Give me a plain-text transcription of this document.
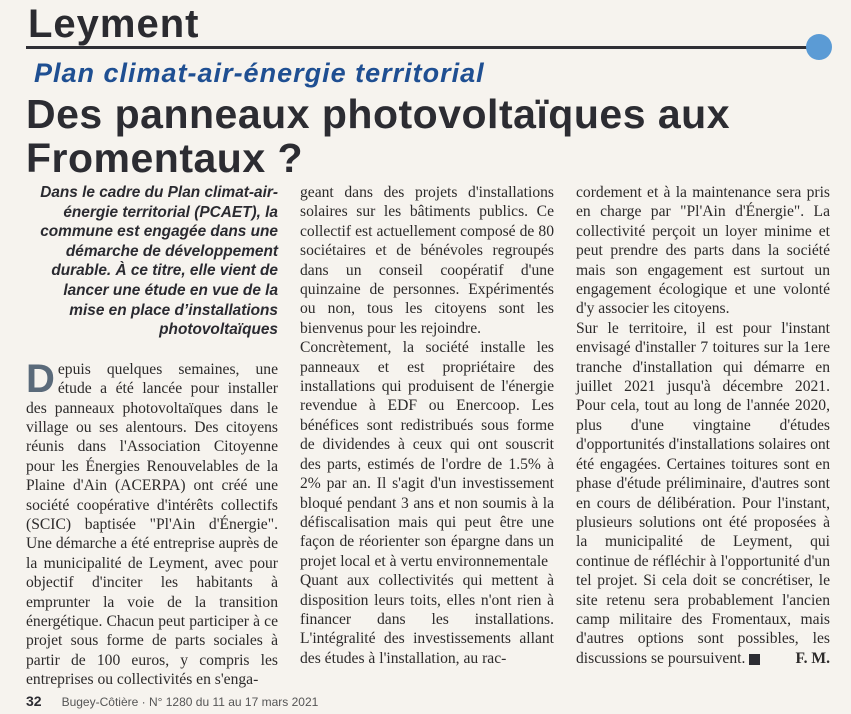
Leyment
Plan climat-air-énergie territorial
Des panneaux photovoltaïques aux Fromentaux ?

Dans le cadre du Plan climat-air-énergie territorial (PCAET), la commune est engagée dans une démarche de développement durable. À ce titre, elle vient de lancer une étude en vue de la mise en place d’installations photovoltaïques

Depuis quelques semaines, une étude a été lancée pour installer des panneaux photovoltaïques dans le village ou ses alentours. Des citoyens réunis dans l'Association Citoyenne pour les Énergies Renouvelables de la Plaine d'Ain (ACERPA) ont créé une société coopérative d'intérêts collectifs (SCIC) baptisée "Pl'Ain d'Énergie". Une démarche a été entreprise auprès de la municipalité de Leyment, avec pour objectif d'inciter les habitants à emprunter la voie de la transition énergétique. Chacun peut participer à ce projet sous forme de parts sociales à partir de 100 euros, y compris les entreprises ou collectivités en s'enga-

geant dans des projets d'installations solaires sur les bâtiments publics. Ce collectif est actuellement composé de 80 sociétaires et de bénévoles regroupés dans un conseil coopératif d'une quinzaine de personnes. Expérimentés ou non, tous les citoyens sont les bienvenus pour les rejoindre.

Concrètement, la société installe les panneaux et est propriétaire des installations qui produisent de l'énergie revendue à EDF ou Enercoop. Les bénéfices sont redistribués sous forme de dividendes à ceux qui ont souscrit des parts, estimés de l'ordre de 1.5% à 2% par an. Il s'agit d'un investissement bloqué pendant 3 ans et non soumis à la défiscalisation mais qui peut être une façon de réorienter son épargne dans un projet local et à vertu environnementale

Quant aux collectivités qui mettent à disposition leurs toits, elles n'ont rien à financer dans les installations. L'intégralité des investissements allant des études à l'installation, au rac-

cordement et à la maintenance sera pris en charge par "Pl'Ain d'Énergie". La collectivité perçoit un loyer minime et peut prendre des parts dans la société mais son engagement est surtout un engagement écologique et une volonté d'y associer les citoyens.

Sur le territoire, il est pour l'instant envisagé d'installer 7 toitures sur la 1ere tranche d'installation qui démarre en juillet 2021 jusqu'à décembre 2021. Pour cela, tout au long de l'année 2020, plus d'une vingtaine d'études d'opportunités d'installations solaires ont été engagées. Certaines toitures sont en phase d'étude préliminaire, d'autres sont en cours de délibération. Pour l'instant, plusieurs solutions ont été proposées à la municipalité de Leyment, qui continue de réfléchir à l'opportunité d'un tel projet. Si cela doit se concrétiser, le site retenu sera probablement l'ancien camp militaire des Fromentaux, mais d'autres options sont possibles, les discussions se poursuivent.	F. M.

32 Bugey-Côtière · N° 1280 du 11 au 17 mars 2021
